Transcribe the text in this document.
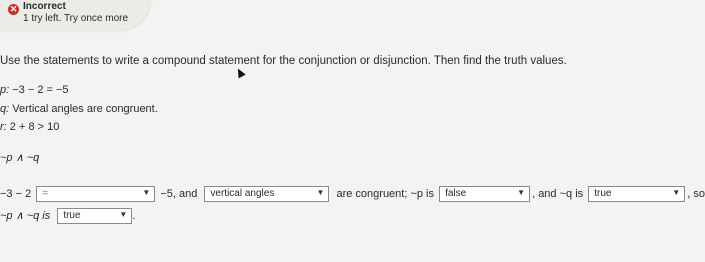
✕ Incorrect
1 try left. Try once more
Use the statements to write a compound statement for the conjunction or disjunction. Then find the truth values.
p: −3 − 2 = −5
q: Vertical angles are congruent.
r: 2 + 8 > 10
~p ∧ ~q
−3 − 2 =	▼ −5, and vertical angles	▼ are congruent; ~p is false	▼ , and ~q is true	▼ , so
~p ∧ ~q is true	▼ .
